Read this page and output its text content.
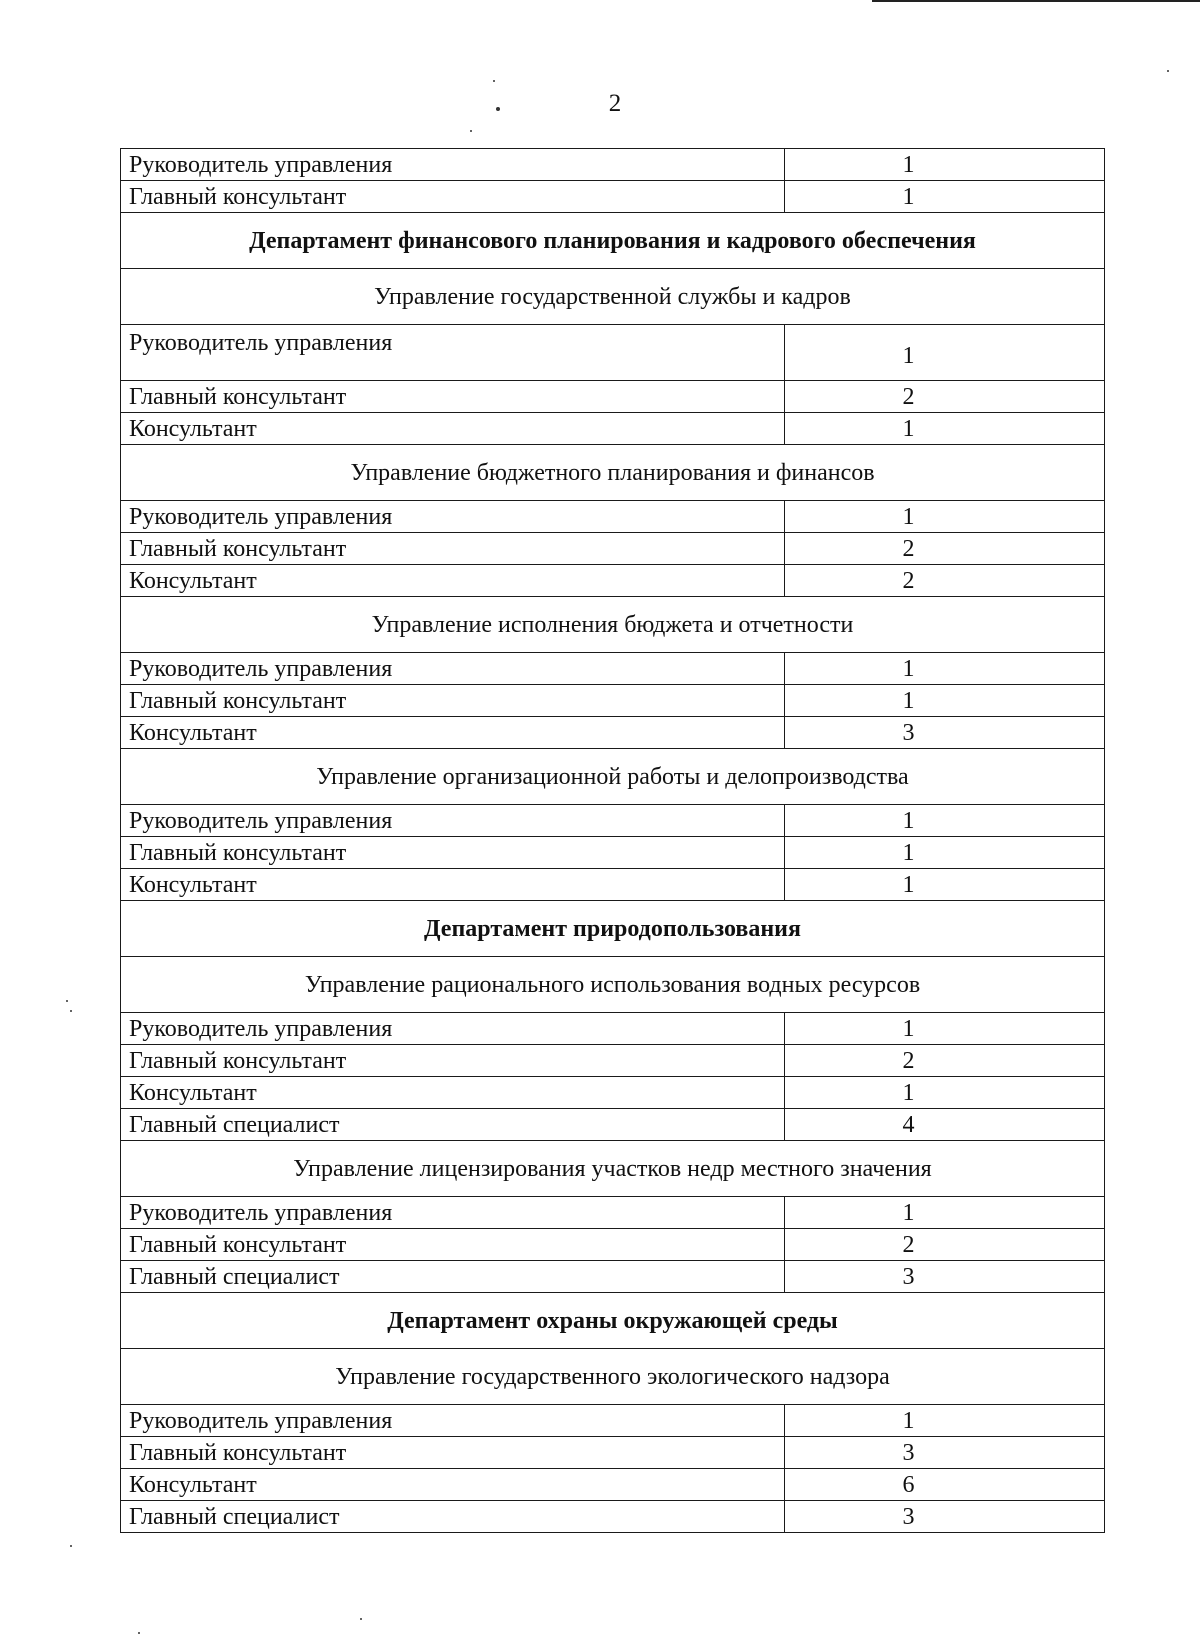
2
Руководитель управления	1
Главный консультант	1
Департамент финансового планирования и кадрового обеспечения	
Управление государственной службы и кадров	
Руководитель управления	1
Главный консультант	2
Консультант	1
Управление бюджетного планирования и финансов	
Руководитель управления	1
Главный консультант	2
Консультант	2
Управление исполнения бюджета и отчетности	
Руководитель управления	1
Главный консультант	1
Консультант	3
Управление организационной работы и делопроизводства	
Руководитель управления	1
Главный консультант	1
Консультант	1
Департамент природопользования	
Управление рационального использования водных ресурсов	
Руководитель управления	1
Главный консультант	2
Консультант	1
Главный специалист	4
Управление лицензирования участков недр местного значения	
Руководитель управления	1
Главный консультант	2
Главный специалист	3
Департамент охраны окружающей среды	
Управление государственного экологического надзора	
Руководитель управления	1
Главный консультант	3
Консультант	6
Главный специалист	3
